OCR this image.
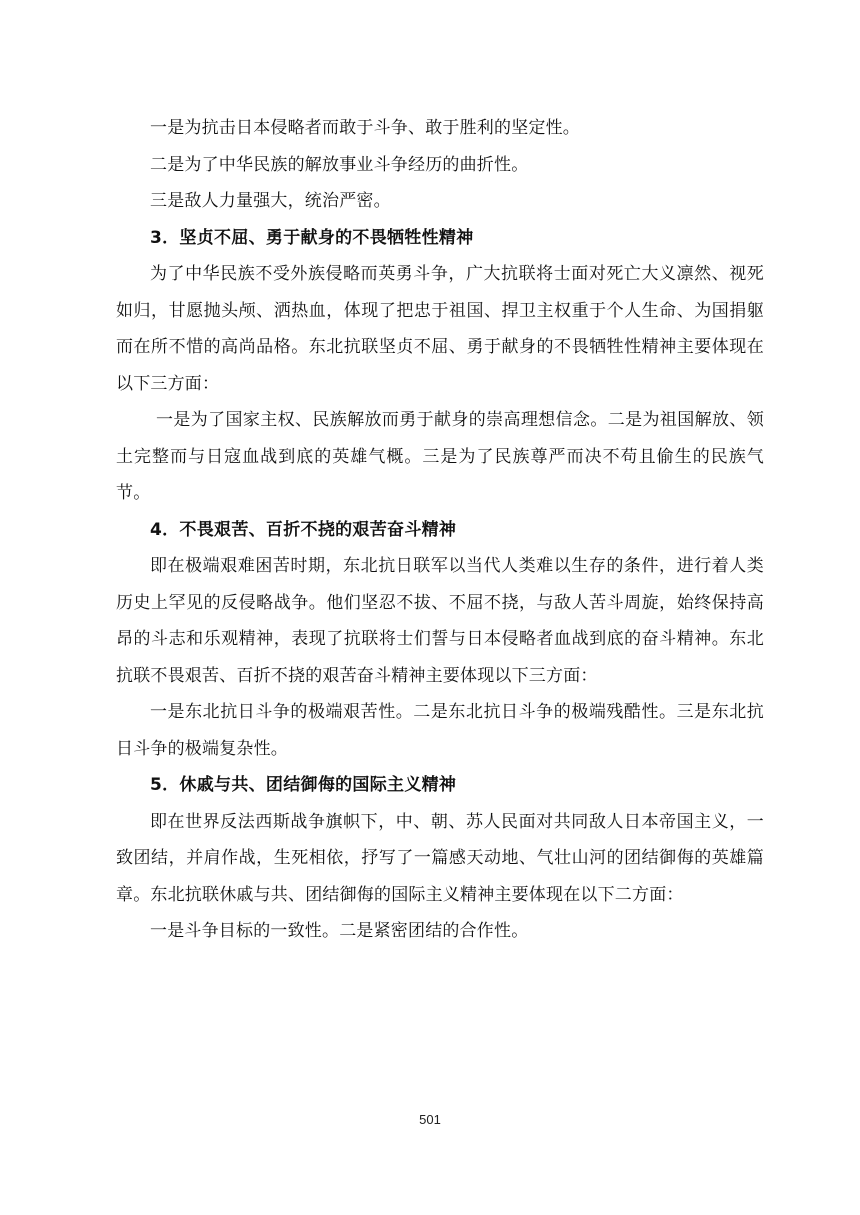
一是为抗击日本侵略者而敢于斗争、敢于胜利的坚定性。

二是为了中华民族的解放事业斗争经历的曲折性。

三是敌人力量强大，统治严密。

3．坚贞不屈、勇于献身的不畏牺牲性精神

为了中华民族不受外族侵略而英勇斗争，广大抗联将士面对死亡大义凛然、视死如归，甘愿抛头颅、洒热血，体现了把忠于祖国、捍卫主权重于个人生命、为国捐躯而在所不惜的高尚品格。东北抗联坚贞不屈、勇于献身的不畏牺牲性精神主要体现在以下三方面：

一是为了国家主权、民族解放而勇于献身的崇高理想信念。二是为祖国解放、领土完整而与日寇血战到底的英雄气概。三是为了民族尊严而决不苟且偷生的民族气节。

4．不畏艰苦、百折不挠的艰苦奋斗精神

即在极端艰难困苦时期，东北抗日联军以当代人类难以生存的条件，进行着人类历史上罕见的反侵略战争。他们坚忍不拔、不屈不挠，与敌人苦斗周旋，始终保持高昂的斗志和乐观精神，表现了抗联将士们誓与日本侵略者血战到底的奋斗精神。东北抗联不畏艰苦、百折不挠的艰苦奋斗精神主要体现以下三方面：

一是东北抗日斗争的极端艰苦性。二是东北抗日斗争的极端残酷性。三是东北抗日斗争的极端复杂性。

5．休戚与共、团结御侮的国际主义精神

即在世界反法西斯战争旗帜下，中、朝、苏人民面对共同敌人日本帝国主义，一致团结，并肩作战，生死相依，抒写了一篇感天动地、气壮山河的团结御侮的英雄篇章。东北抗联休戚与共、团结御侮的国际主义精神主要体现在以下二方面：

一是斗争目标的一致性。二是紧密团结的合作性。

501
